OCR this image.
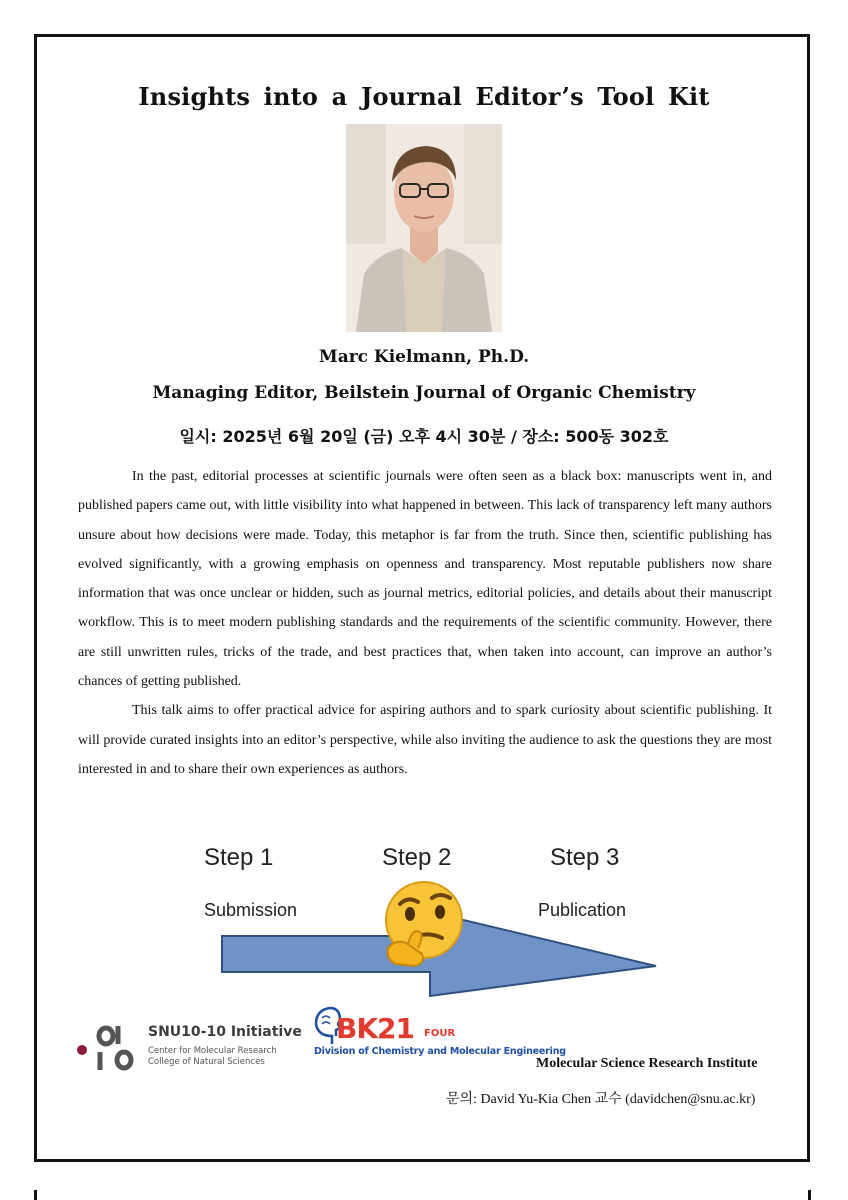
Insights into a Journal Editor’s Tool Kit
Marc Kielmann, Ph.D.
Managing Editor, Beilstein Journal of Organic Chemistry
일시: 2025년 6월 20일 (금) 오후 4시 30분 / 장소: 500동 302호

In the past, editorial processes at scientific journals were often seen as a black box: manuscripts went in, and published papers came out, with little visibility into what happened in between. This lack of transparency left many authors unsure about how decisions were made. Today, this metaphor is far from the truth. Since then, scientific publishing has evolved significantly, with a growing emphasis on openness and transparency. Most reputable publishers now share information that was once unclear or hidden, such as journal metrics, editorial policies, and details about their manuscript workflow. This is to meet modern publishing standards and the requirements of the scientific community. However, there are still unwritten rules, tricks of the trade, and best practices that, when taken into account, can improve an author’s chances of getting published.

This talk aims to offer practical advice for aspiring authors and to spark curiosity about scientific publishing. It will provide curated insights into an editor’s perspective, while also inviting the audience to ask the questions they are most interested in and to share their own experiences as authors.

Step 1	Step 2	Step 3
Submission	Publication
SNU10-10 Initiative
Center for Molecular Research
College of Natural Sciences
BK21 FOUR
Division of Chemistry and Molecular Engineering
Molecular Science Research Institute
문의: David Yu-Kia Chen 교수 (davidchen@snu.ac.kr)
